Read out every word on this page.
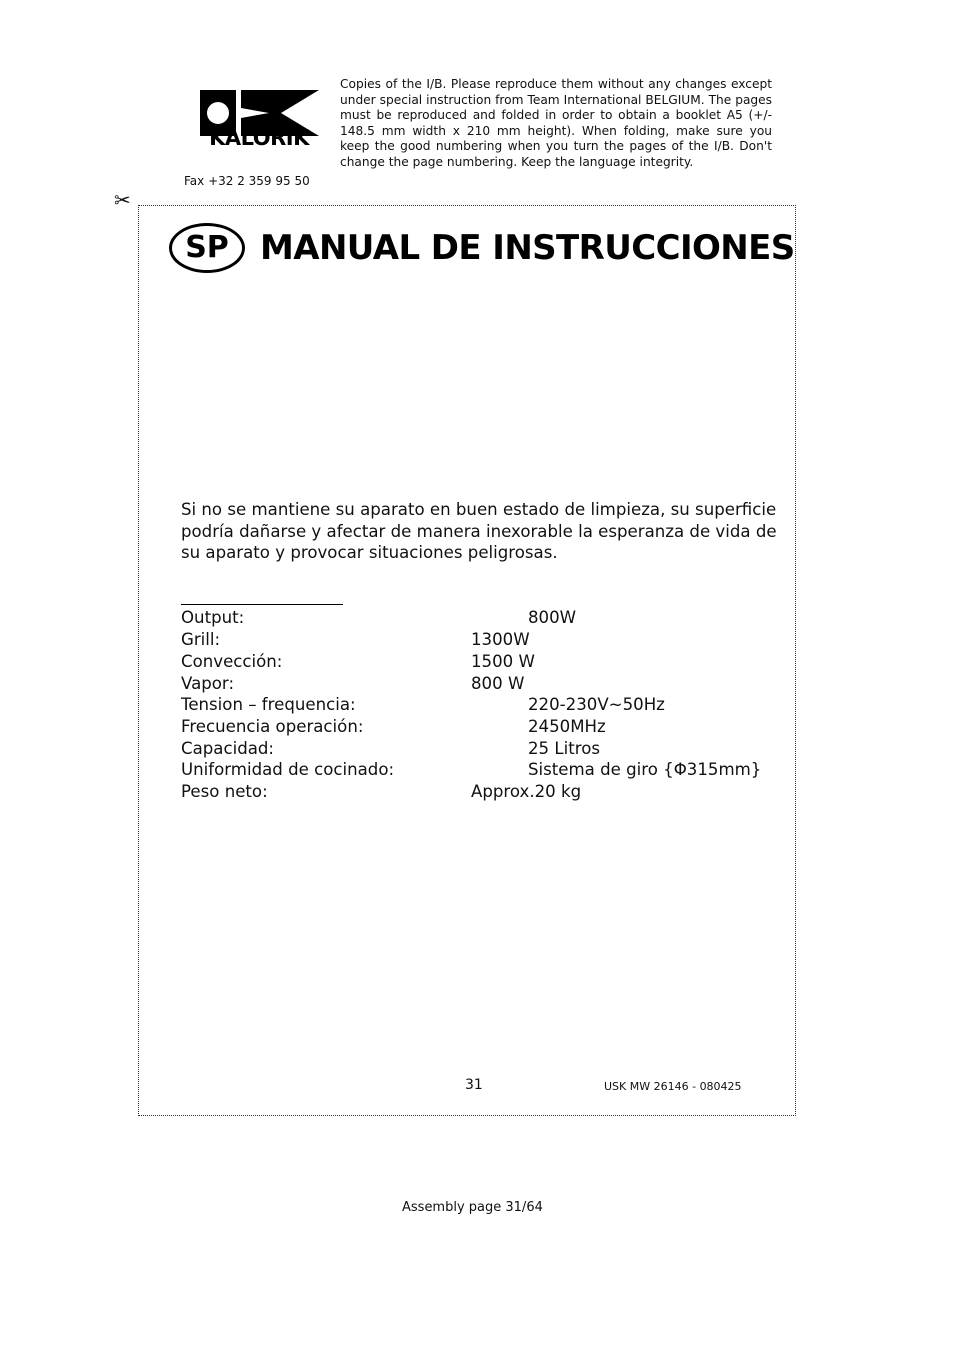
KALORIK
Fax +32 2 359 95 50
Copies of the I/B. Please reproduce them without any changes except under special instruction from Team International BELGIUM. The pages must be reproduced and folded in order to obtain a booklet A5 (+/- 148.5 mm width x 210 mm height). When folding, make sure you keep the good numbering when you turn the pages of the I/B. Don't change the page numbering. Keep the language integrity.
✂
SP MANUAL DE INSTRUCCIONES
Si no se mantiene su aparato en buen estado de limpieza, su superficie podría dañarse y afectar de manera inexorable la esperanza de vida de su aparato y provocar situaciones peligrosas.
Output:	800W
Grill:	1300W
Convección:	1500 W
Vapor:	800 W
Tension – frequencia:	220-230V~50Hz
Frecuencia operación:	2450MHz
Capacidad:	25 Litros
Uniformidad de cocinado:	Sistema de giro {Φ315mm}
Peso neto:	Approx.20 kg
31	USK MW 26146 - 080425
Assembly page 31/64
